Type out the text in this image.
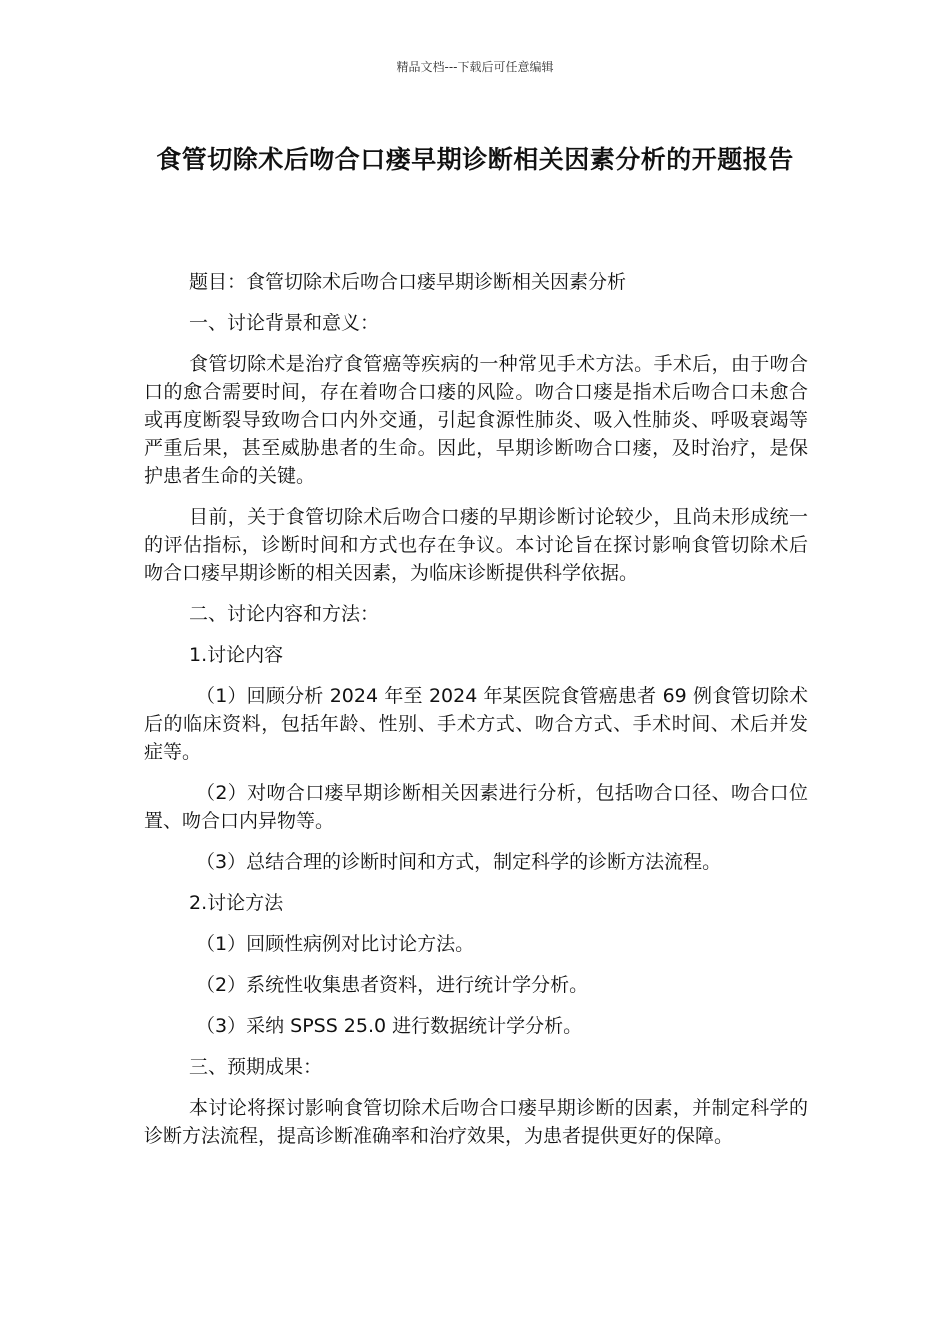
精品文档---下载后可任意编辑
食管切除术后吻合口瘘早期诊断相关因素分析的开题报告

题目：食管切除术后吻合口瘘早期诊断相关因素分析

一、讨论背景和意义：

食管切除术是治疗食管癌等疾病的一种常见手术方法。手术后，由于吻合口的愈合需要时间，存在着吻合口瘘的风险。吻合口瘘是指术后吻合口未愈合或再度断裂导致吻合口内外交通，引起食源性肺炎、吸入性肺炎、呼吸衰竭等严重后果，甚至威胁患者的生命。因此，早期诊断吻合口瘘，及时治疗，是保护患者生命的关键。

目前，关于食管切除术后吻合口瘘的早期诊断讨论较少，且尚未形成统一的评估指标，诊断时间和方式也存在争议。本讨论旨在探讨影响食管切除术后吻合口瘘早期诊断的相关因素，为临床诊断提供科学依据。

二、讨论内容和方法：

1.讨论内容

（1）回顾分析 2024 年至 2024 年某医院食管癌患者 69 例食管切除术后的临床资料，包括年龄、性别、手术方式、吻合方式、手术时间、术后并发症等。

（2）对吻合口瘘早期诊断相关因素进行分析，包括吻合口径、吻合口位置、吻合口内异物等。

（3）总结合理的诊断时间和方式，制定科学的诊断方法流程。

2.讨论方法

（1）回顾性病例对比讨论方法。

（2）系统性收集患者资料，进行统计学分析。

（3）采纳 SPSS 25.0 进行数据统计学分析。

三、预期成果：

本讨论将探讨影响食管切除术后吻合口瘘早期诊断的因素，并制定科学的诊断方法流程，提高诊断准确率和治疗效果，为患者提供更好的保障。
